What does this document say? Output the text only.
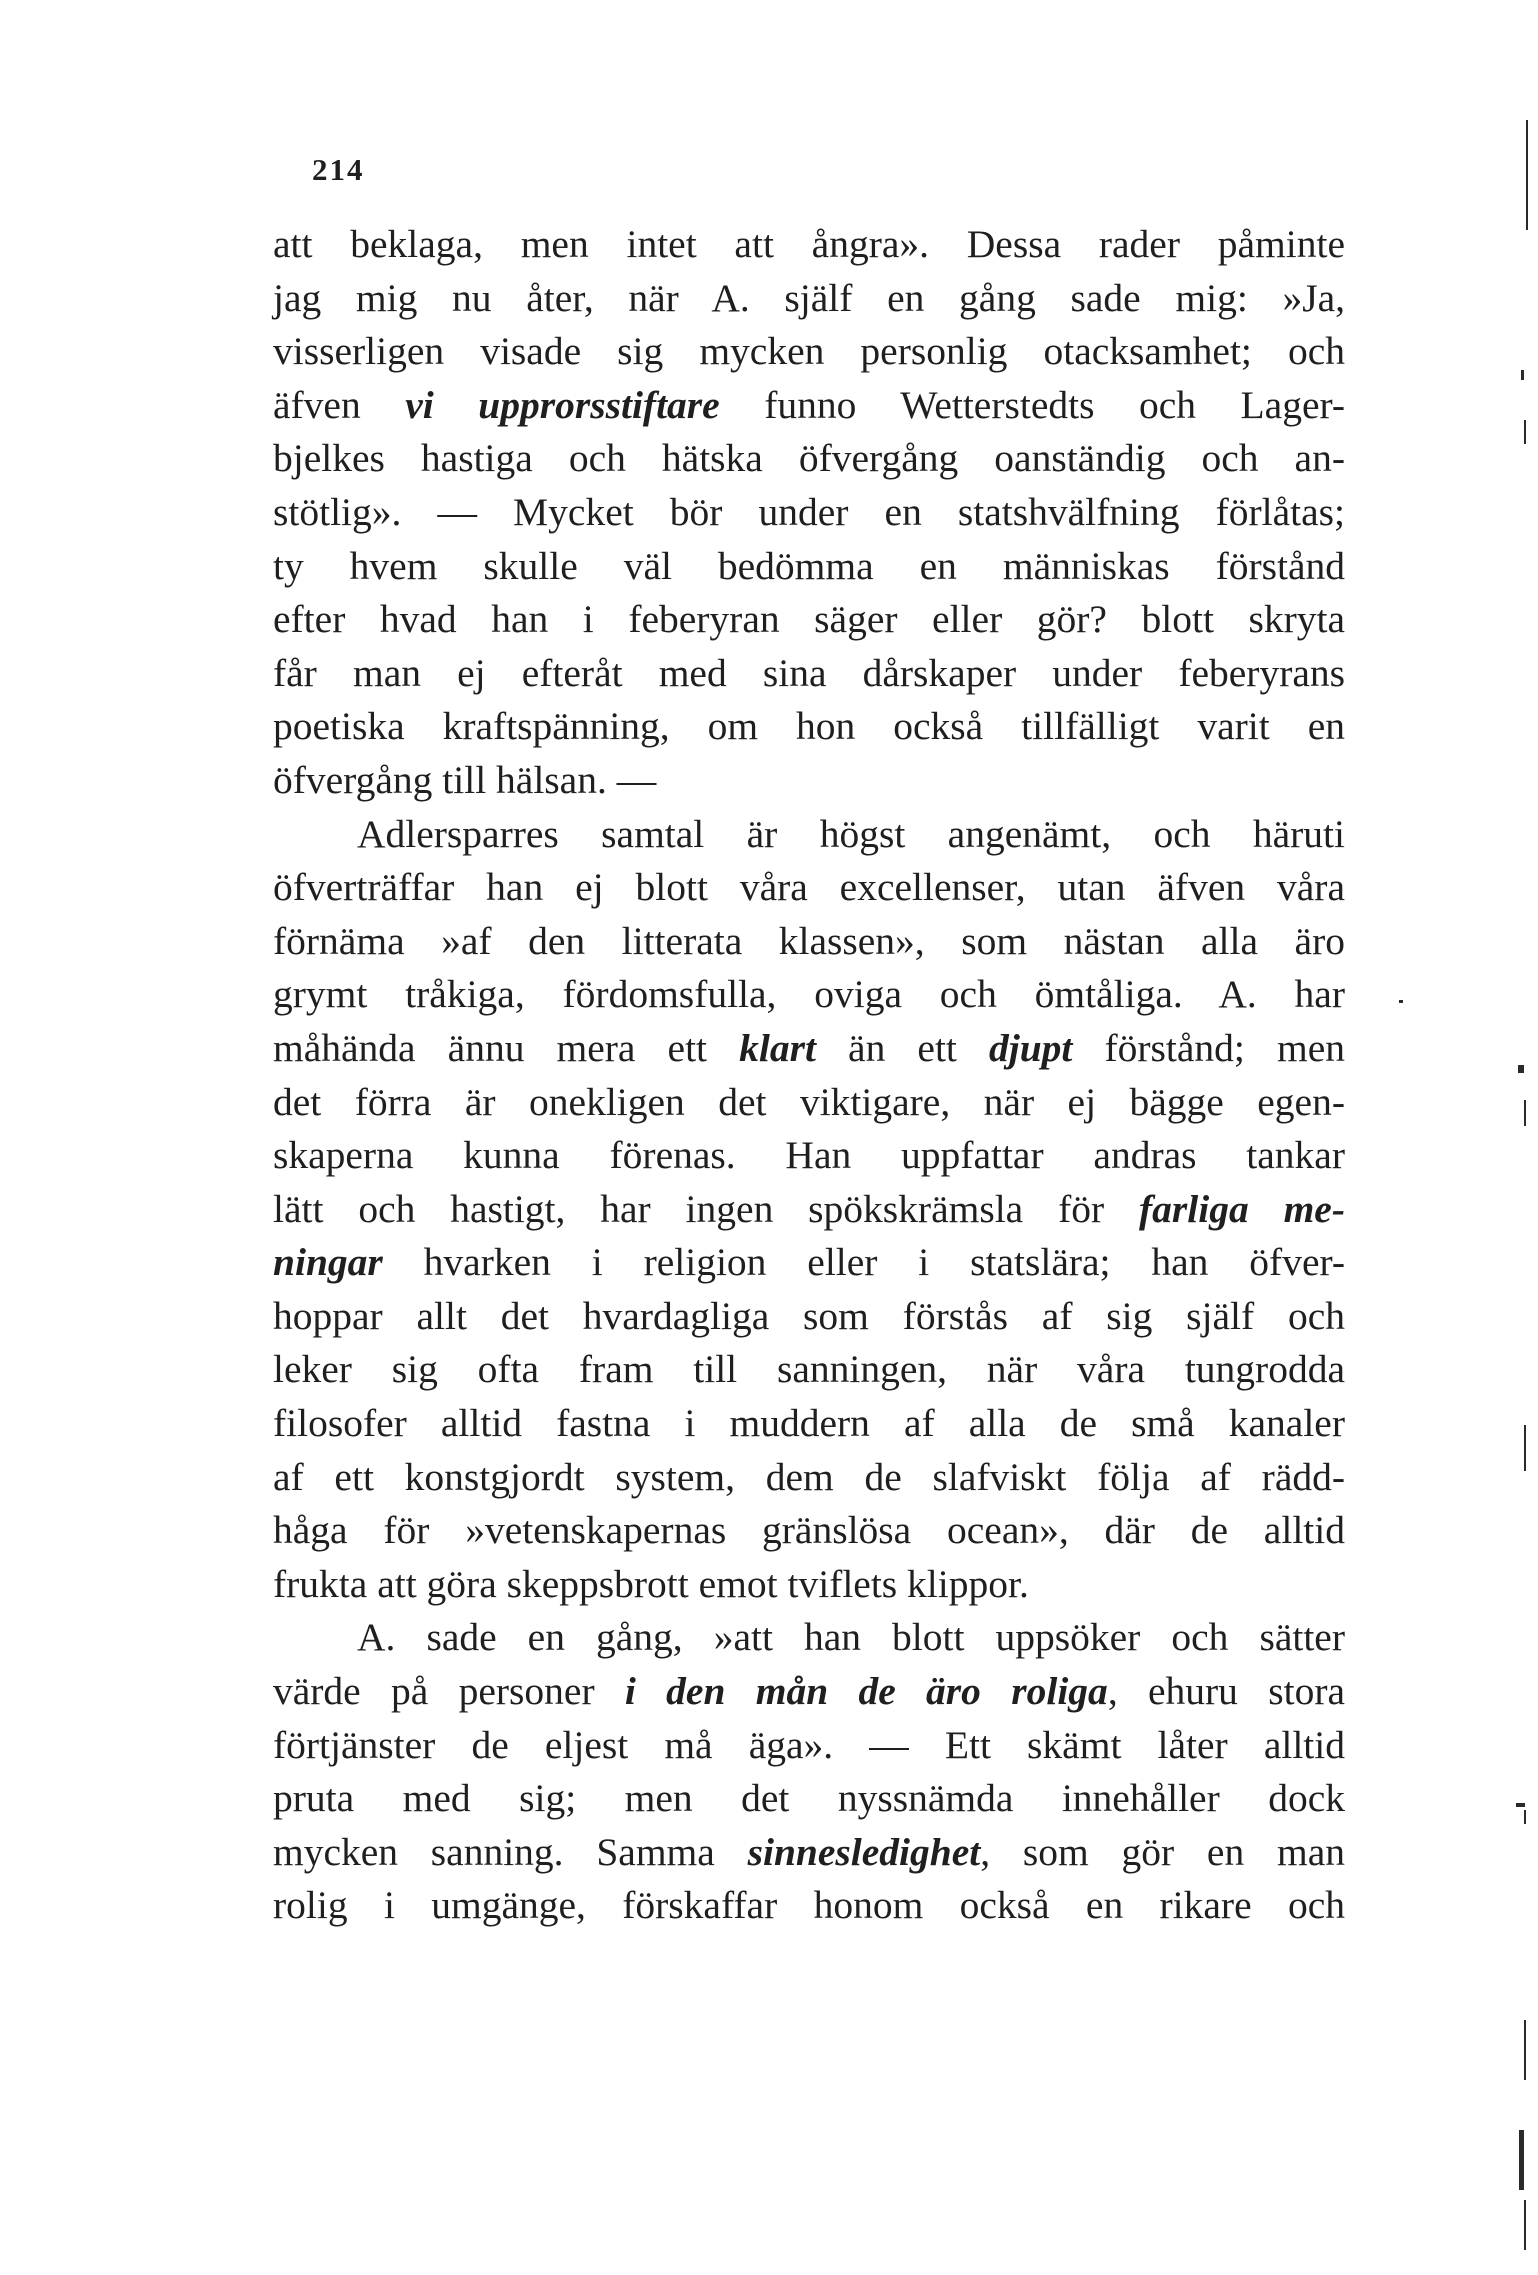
214
att beklaga, men intet att ångra». Dessa rader påminte
jag mig nu åter, när A. själf en gång sade mig: »Ja,
visserligen visade sig mycken personlig otacksamhet; och
äfven vi upprorsstiftare funno Wetterstedts och Lager-
bjelkes hastiga och hätska öfvergång oanständig och an-
stötlig». — Mycket bör under en statshvälfning förlåtas;
ty hvem skulle väl bedömma en människas förstånd
efter hvad han i feberyran säger eller gör? blott skryta
får man ej efteråt med sina dårskaper under feberyrans
poetiska kraftspänning, om hon också tillfälligt varit en
öfvergång till hälsan. —
Adlersparres samtal är högst angenämt, och häruti
öfverträffar han ej blott våra excellenser, utan äfven våra
förnäma »af den litterata klassen», som nästan alla äro
grymt tråkiga, fördomsfulla, oviga och ömtåliga. A. har
måhända ännu mera ett klart än ett djupt förstånd; men
det förra är onekligen det viktigare, när ej bägge egen-
skaperna kunna förenas. Han uppfattar andras tankar
lätt och hastigt, har ingen spökskrämsla för farliga me-
ningar hvarken i religion eller i statslära; han öfver-
hoppar allt det hvardagliga som förstås af sig själf och
leker sig ofta fram till sanningen, när våra tungrodda
filosofer alltid fastna i muddern af alla de små kanaler
af ett konstgjordt system, dem de slafviskt följa af rädd-
håga för »vetenskapernas gränslösa ocean», där de alltid
frukta att göra skeppsbrott emot tviflets klippor.
A. sade en gång, »att han blott uppsöker och sätter
värde på personer i den mån de äro roliga, ehuru stora
förtjänster de eljest må äga». — Ett skämt låter alltid
pruta med sig; men det nyssnämda innehåller dock
mycken sanning. Samma sinnesledighet, som gör en man
rolig i umgänge, förskaffar honom också en rikare och
